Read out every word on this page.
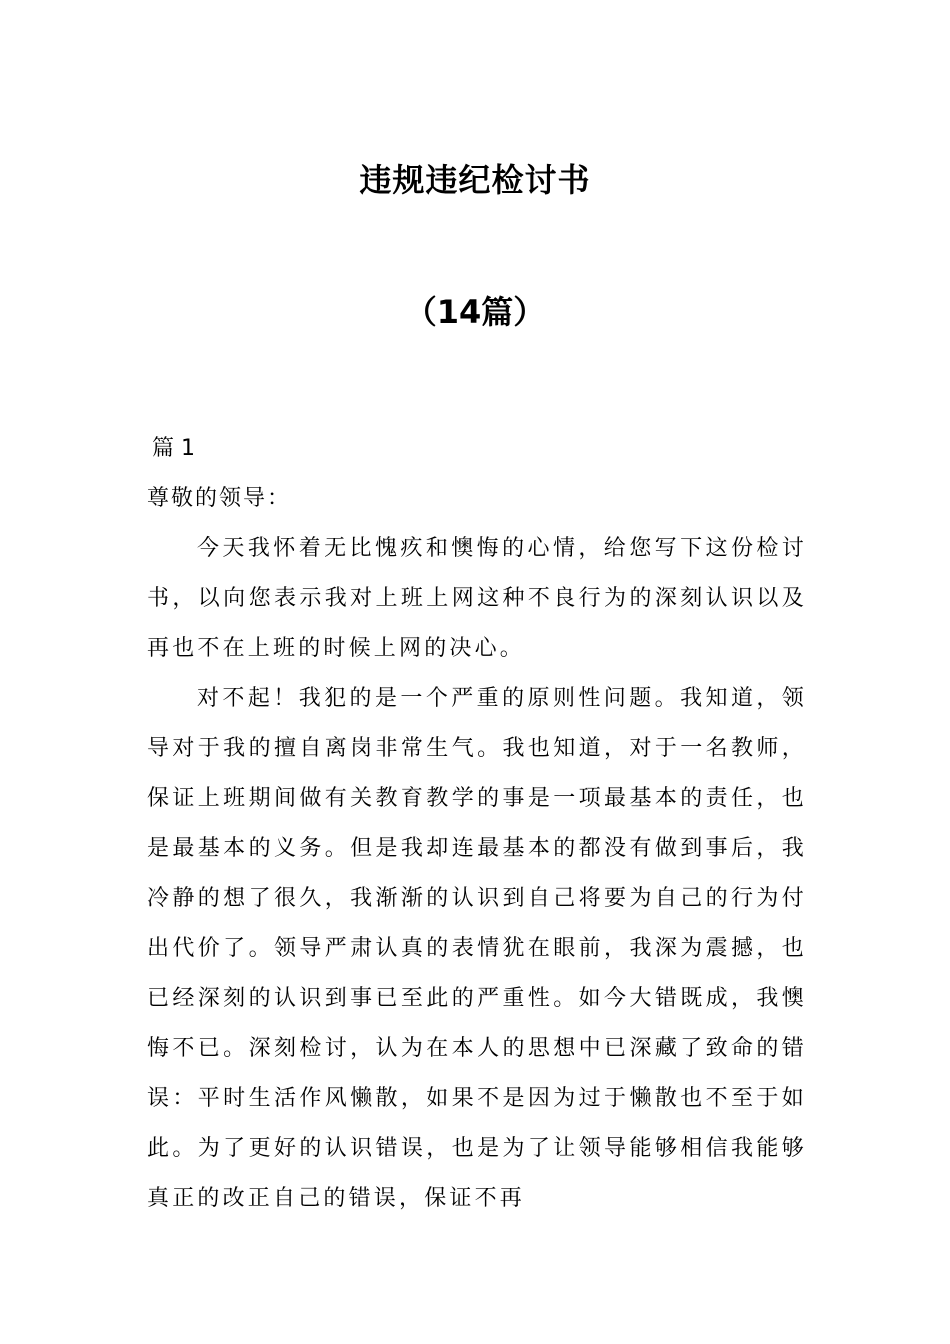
违规违纪检讨书
（14篇）
篇 1
尊敬的领导：

今天我怀着无比愧疚和懊悔的心情，给您写下这份检讨书，以向您表示我对上班上网这种不良行为的深刻认识以及再也不在上班的时候上网的决心。

对不起！我犯的是一个严重的原则性问题。我知道，领导对于我的擅自离岗非常生气。我也知道，对于一名教师，保证上班期间做有关教育教学的事是一项最基本的责任，也是最基本的义务。但是我却连最基本的都没有做到事后，我冷静的想了很久，我渐渐的认识到自己将要为自己的行为付出代价了。领导严肃认真的表情犹在眼前，我深为震撼，也已经深刻的认识到事已至此的严重性。如今大错既成，我懊悔不已。深刻检讨，认为在本人的思想中已深藏了致命的错误：平时生活作风懒散，如果不是因为过于懒散也不至于如此。为了更好的认识错误，也是为了让领导能够相信我能够真正的改正自己的错误，保证不再
